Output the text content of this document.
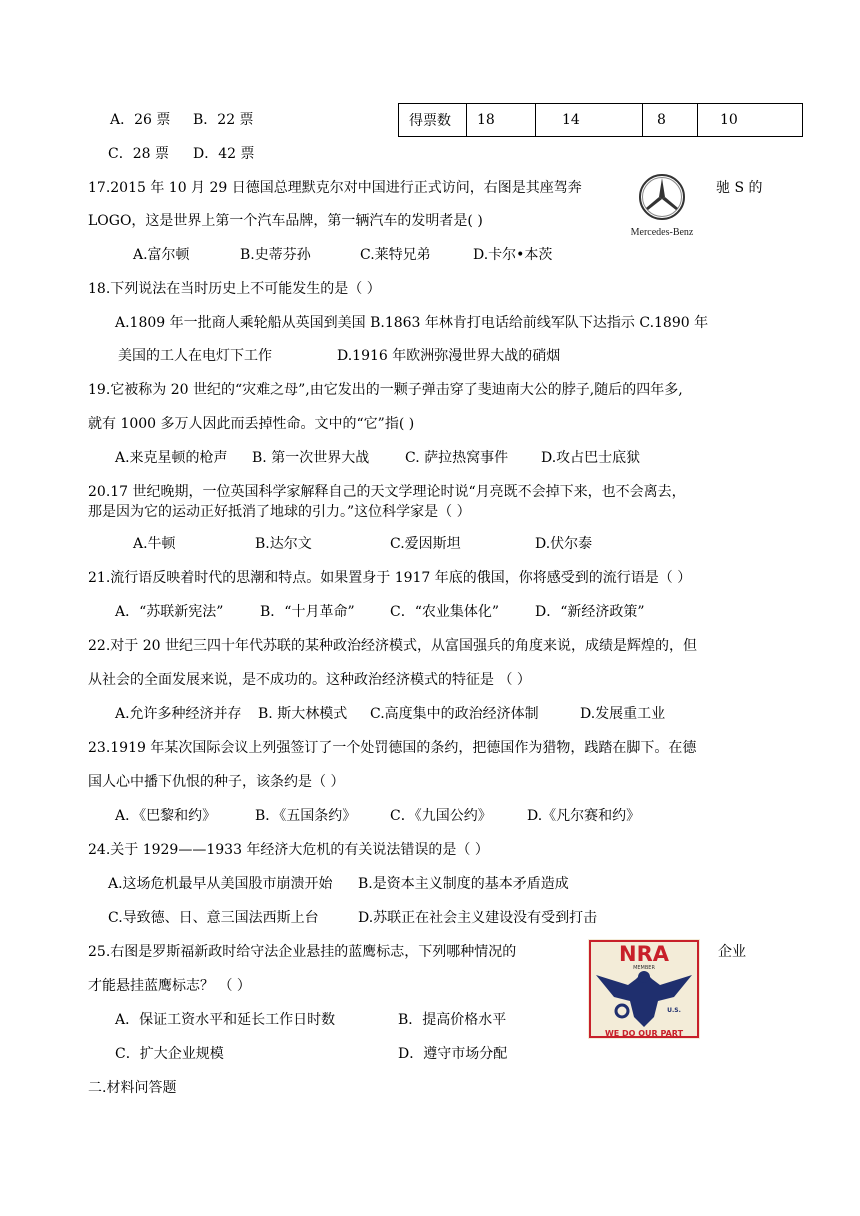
A．26 票 B．22 票
C．28 票 D．42 票
得票数	18	14	8	10
17.2015 年 10 月 29 日德国总理默克尔对中国进行正式访问，右图是其座驾奔	驰 S 的
LOGO，这是世界上第一个汽车品牌，第一辆汽车的发明者是( )
A.富尔顿	B.史蒂芬孙	C.莱特兄弟	D.卡尔•本茨
Mercedes-Benz
18.下列说法在当时历史上不可能发生的是（ ）
A.1809 年一批商人乘轮船从英国到美国 B.1863 年林肯打电话给前线军队下达指示 C.1890 年
美国的工人在电灯下工作	D.1916 年欧洲弥漫世界大战的硝烟
19.它被称为 20 世纪的“灾难之母”,由它发出的一颗子弹击穿了斐迪南大公的脖子,随后的四年多,
就有 1000 多万人因此而丢掉性命。文中的“它”指( )
A.来克星顿的枪声 B. 第一次世界大战	C. 萨拉热窝事件 D.攻占巴士底狱
20.17 世纪晚期，一位英国科学家解释自己的天文学理论时说“月亮既不会掉下来，也不会离去，
那是因为它的运动正好抵消了地球的引力。”这位科学家是（ ）
A.牛顿	B.达尔文	C.爱因斯坦	D.伏尔泰
21.流行语反映着时代的思潮和特点。如果置身于 1917 年底的俄国，你将感受到的流行语是（ ）
A．“苏联新宪法”	B．“十月革命”	C．“农业集体化”	D．“新经济政策”
22.对于 20 世纪三四十年代苏联的某种政治经济模式，从富国强兵的角度来说，成绩是辉煌的，但
从社会的全面发展来说，是不成功的。这种政治经济模式的特征是 （ ）
A.允许多种经济并存 B. 斯大林模式 C.高度集中的政治经济体制	D.发展重工业
23.1919 年某次国际会议上列强签订了一个处罚德国的条约，把德国作为猎物，践踏在脚下。在德
国人心中播下仇恨的种子，该条约是（ ）
A．《巴黎和约》	B．《五国条约》 C．《九国公约》	D.《凡尔赛和约》
24.关于 1929——1933 年经济大危机的有关说法错误的是（ ）
A.这场危机最早从美国股市崩溃开始 B.是资本主义制度的基本矛盾造成
C.导致德、日、意三国法西斯上台	D.苏联正在社会主义建设没有受到打击
25.右图是罗斯福新政时给守法企业悬挂的蓝鹰标志，下列哪种情况的	企业
才能悬挂蓝鹰标志？ （ ）
A．保证工资水平和延长工作日时数	B．提高价格水平
C．扩大企业规模	D．遵守市场分配
NRA
MEMBER
U.S.
WE DO OUR PART
二.材料问答题
